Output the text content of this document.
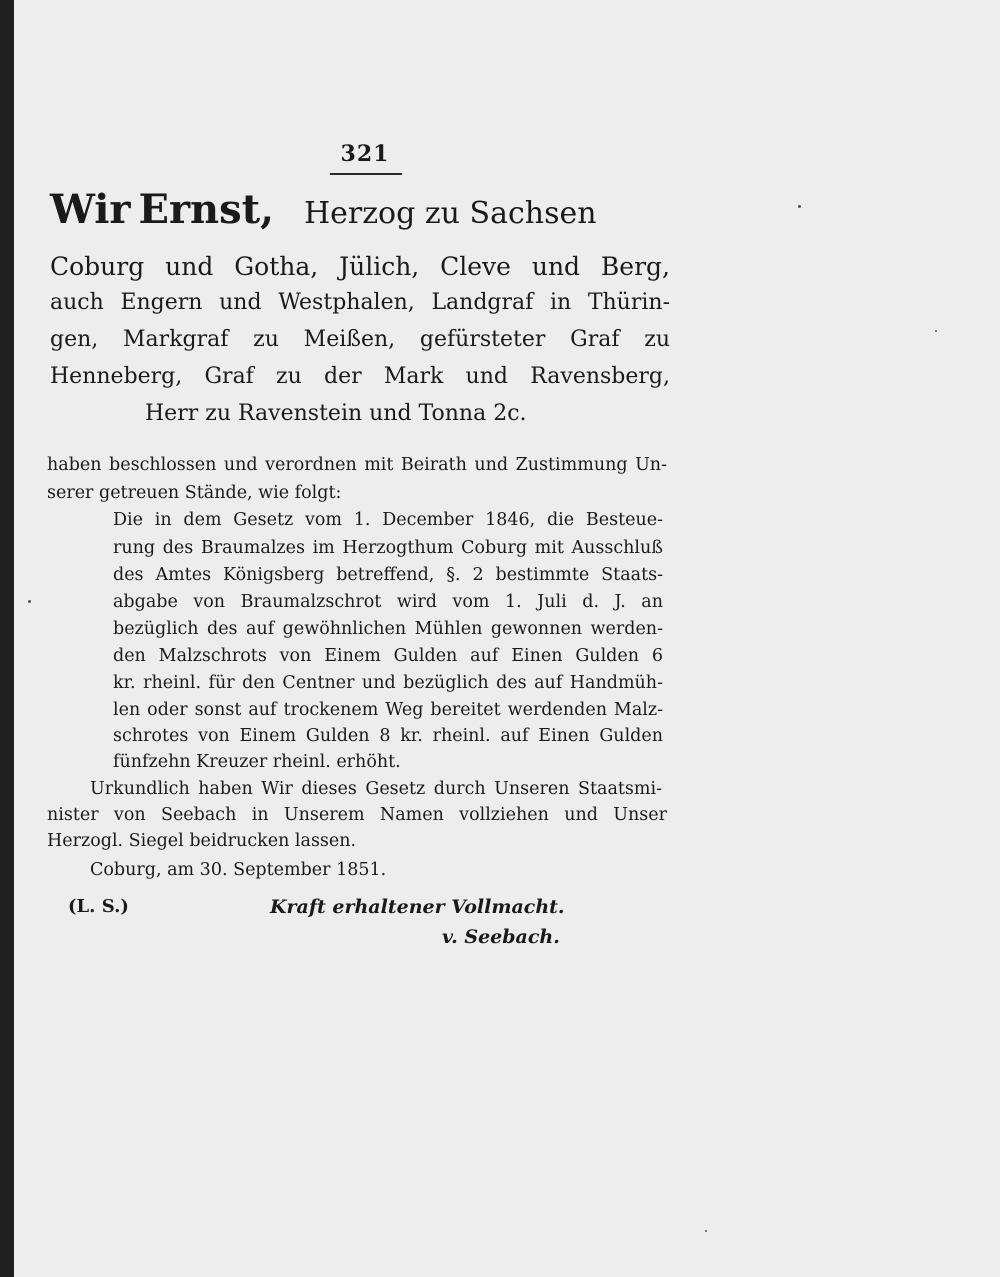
321
Wir Ernst, Herzog zu Sachsen
Coburg und Gotha, Jülich, Cleve und Berg,
auch Engern und Westphalen, Landgraf in Thürin-
gen, Markgraf zu Meißen, gefürsteter Graf zu
Henneberg, Graf zu der Mark und Ravensberg,
Herr zu Ravenstein und Tonna 2c.
haben beschlossen und verordnen mit Beirath und Zustimmung Un-
serer getreuen Stände, wie folgt:
Die in dem Gesetz vom 1. December 1846, die Besteue-
rung des Braumalzes im Herzogthum Coburg mit Ausschluß
des Amtes Königsberg betreffend, §. 2 bestimmte Staats-
abgabe von Braumalzschrot wird vom 1. Juli d. J. an
bezüglich des auf gewöhnlichen Mühlen gewonnen werden-
den Malzschrots von Einem Gulden auf Einen Gulden 6
kr. rheinl. für den Centner und bezüglich des auf Handmüh-
len oder sonst auf trockenem Weg bereitet werdenden Malz-
schrotes von Einem Gulden 8 kr. rheinl. auf Einen Gulden
fünfzehn Kreuzer rheinl. erhöht.
Urkundlich haben Wir dieses Gesetz durch Unseren Staatsmi-
nister von Seebach in Unserem Namen vollziehen und Unser
Herzogl. Siegel beidrucken lassen.
Coburg, am 30. September 1851.
(L. S.)	Kraft erhaltener Vollmacht.
v. Seebach.
